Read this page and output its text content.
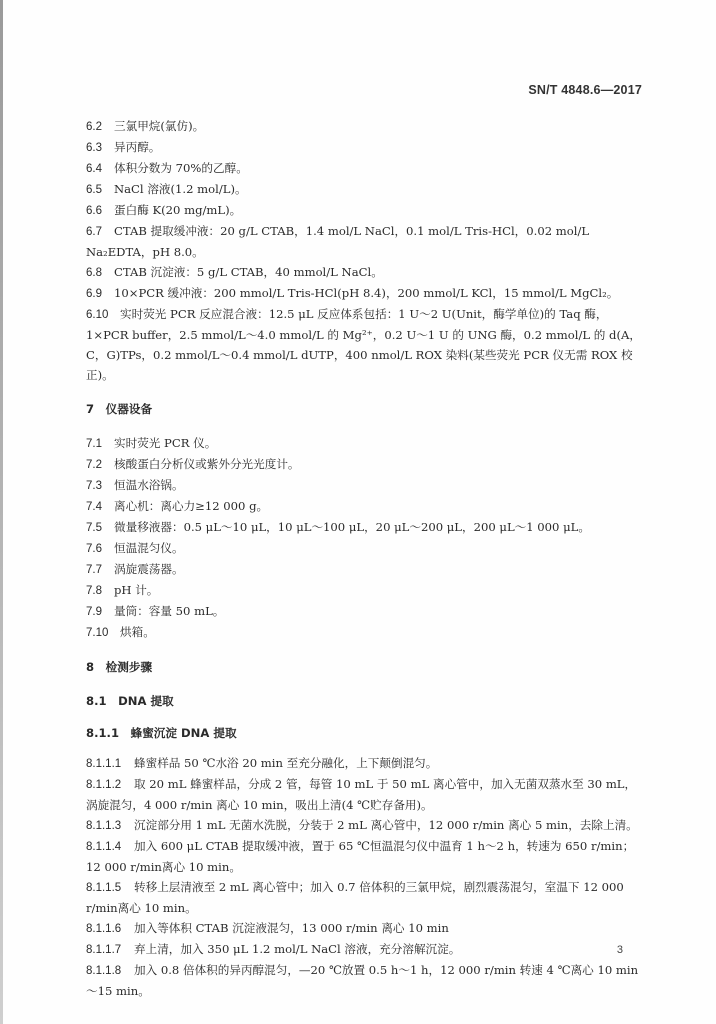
SN/T 4848.6—2017

6.2 三氯甲烷(氯仿)。

6.3 异丙醇。

6.4 体积分数为 70%的乙醇。

6.5 NaCl 溶液(1.2 mol/L)。

6.6 蛋白酶 K(20 mg/mL)。

6.7 CTAB 提取缓冲液：20 g/L CTAB，1.4 mol/L NaCl，0.1 mol/L Tris-HCl，0.02 mol/L Na₂EDTA，pH 8.0。

6.8 CTAB 沉淀液：5 g/L CTAB，40 mmol/L NaCl。

6.9 10×PCR 缓冲液：200 mmol/L Tris-HCl(pH 8.4)，200 mmol/L KCl，15 mmol/L MgCl₂。

6.10 实时荧光 PCR 反应混合液：12.5 μL 反应体系包括：1 U～2 U(Unit，酶学单位)的 Taq 酶，1×PCR buffer，2.5 mmol/L～4.0 mmol/L 的 Mg²⁺，0.2 U～1 U 的 UNG 酶，0.2 mmol/L 的 d(A，C，G)TPs，0.2 mmol/L～0.4 mmol/L dUTP，400 nmol/L ROX 染料(某些荧光 PCR 仪无需 ROX 校正)。

7　仪器设备

7.1 实时荧光 PCR 仪。

7.2 核酸蛋白分析仪或紫外分光光度计。

7.3 恒温水浴锅。

7.4 离心机：离心力≥12 000 g。

7.5 微量移液器：0.5 μL～10 μL，10 μL～100 μL，20 μL～200 μL，200 μL～1 000 μL。

7.6 恒温混匀仪。

7.7 涡旋震荡器。

7.8 pH 计。

7.9 量筒：容量 50 mL。

7.10 烘箱。

8　检测步骤
8.1　DNA 提取
8.1.1　蜂蜜沉淀 DNA 提取

8.1.1.1 蜂蜜样品 50 ℃水浴 20 min 至充分融化，上下颠倒混匀。

8.1.1.2 取 20 mL 蜂蜜样品，分成 2 管，每管 10 mL 于 50 mL 离心管中，加入无菌双蒸水至 30 mL，涡旋混匀，4 000 r/min 离心 10 min，吸出上清(4 ℃贮存备用)。

8.1.1.3 沉淀部分用 1 mL 无菌水洗脱，分装于 2 mL 离心管中，12 000 r/min 离心 5 min，去除上清。

8.1.1.4 加入 600 μL CTAB 提取缓冲液，置于 65 ℃恒温混匀仪中温育 1 h～2 h，转速为 650 r/min；12 000 r/min离心 10 min。

8.1.1.5 转移上层清液至 2 mL 离心管中；加入 0.7 倍体积的三氯甲烷，剧烈震荡混匀，室温下 12 000 r/min离心 10 min。

8.1.1.6 加入等体积 CTAB 沉淀液混匀，13 000 r/min 离心 10 min

8.1.1.7 弃上清，加入 350 μL 1.2 mol/L NaCl 溶液，充分溶解沉淀。

8.1.1.8 加入 0.8 倍体积的异丙醇混匀，—20 ℃放置 0.5 h～1 h，12 000 r/min 转速 4 ℃离心 10 min～15 min。

3
